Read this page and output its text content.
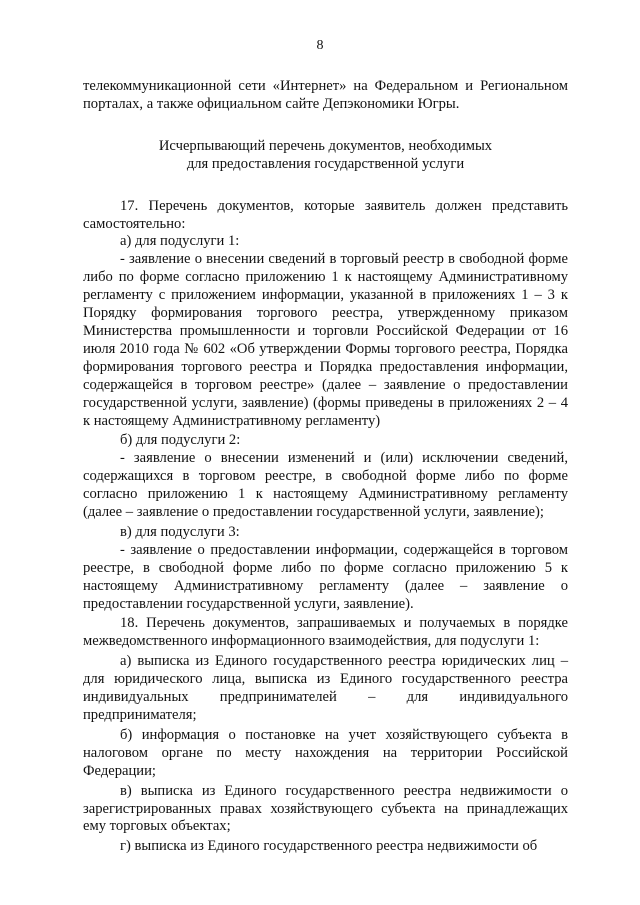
8

телекоммуникационной сети «Интернет» на Федеральном и Региональном порталах, а также официальном сайте Депэкономики Югры.

Исчерпывающий перечень документов, необходимых
для предоставления государственной услуги

17. Перечень документов, которые заявитель должен представить самостоятельно:

а) для подуслуги 1:

- заявление о внесении сведений в торговый реестр в свободной форме либо по форме согласно приложению 1 к настоящему Административному регламенту с приложением информации, указанной в приложениях 1 – 3 к Порядку формирования торгового реестра, утвержденному приказом Министерства промышленности и торговли Российской Федерации от 16 июля 2010 года № 602 «Об утверждении Формы торгового реестра, Порядка формирования торгового реестра и Порядка предоставления информации, содержащейся в торговом реестре» (далее – заявление о предоставлении государственной услуги, заявление) (формы приведены в приложениях 2 – 4 к настоящему Административному регламенту)

б) для подуслуги 2:

- заявление о внесении изменений и (или) исключении сведений, содержащихся в торговом реестре, в свободной форме либо по форме согласно приложению 1 к настоящему Административному регламенту (далее – заявление о предоставлении государственной услуги, заявление);

в) для подуслуги 3:

- заявление о предоставлении информации, содержащейся в торговом реестре, в свободной форме либо по форме согласно приложению 5 к настоящему Административному регламенту (далее – заявление о предоставлении государственной услуги, заявление).

18. Перечень документов, запрашиваемых и получаемых в порядке межведомственного информационного взаимодействия, для подуслуги 1:

а) выписка из Единого государственного реестра юридических лиц – для юридического лица, выписка из Единого государственного реестра индивидуальных предпринимателей – для индивидуального предпринимателя;

б) информация о постановке на учет хозяйствующего субъекта в налоговом органе по месту нахождения на территории Российской Федерации;

в) выписка из Единого государственного реестра недвижимости о зарегистрированных правах хозяйствующего субъекта на принадлежащих ему торговых объектах;

г) выписка из Единого государственного реестра недвижимости об
